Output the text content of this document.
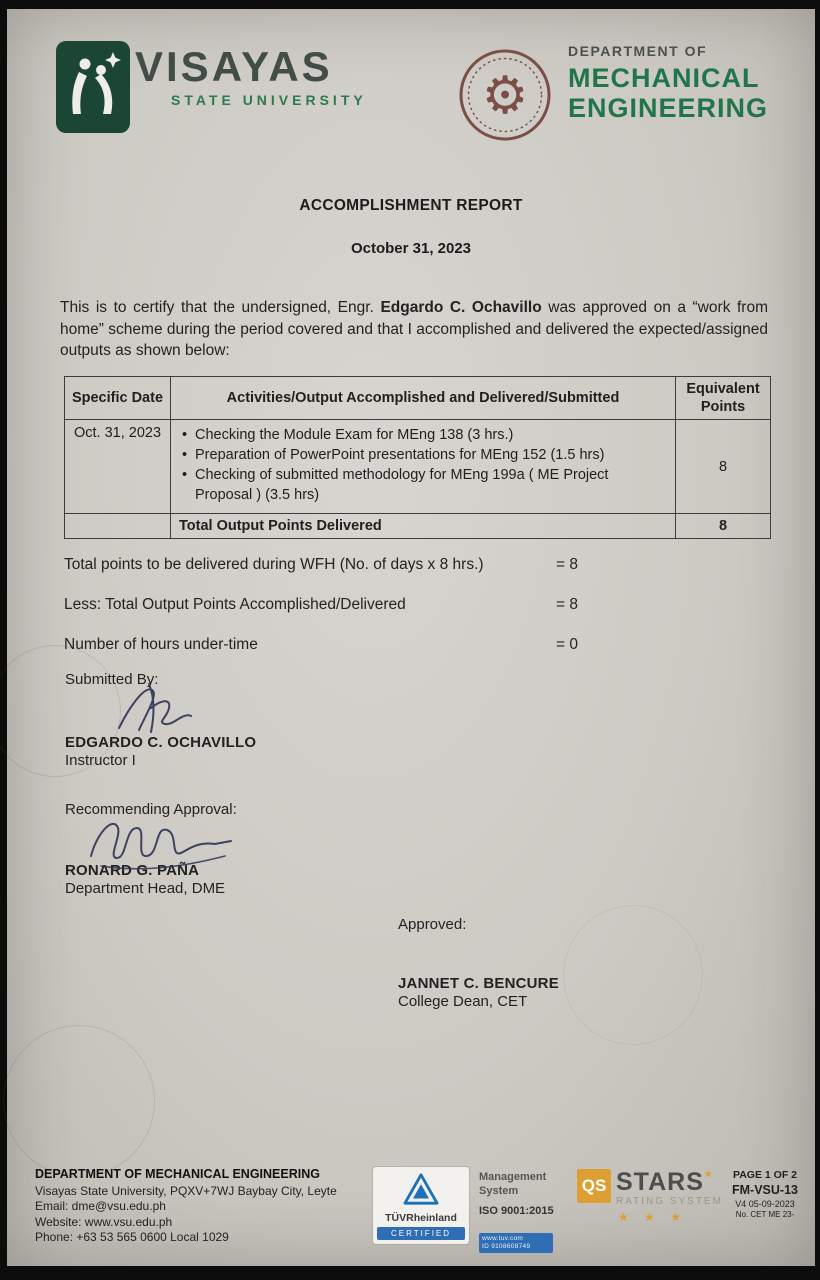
VISAYAS
STATE UNIVERSITY ⚙
DEPARTMENT OF
MECHANICAL
ENGINEERING
ACCOMPLISHMENT REPORT
October 31, 2023
This is to certify that the undersigned, Engr. Edgardo C. Ochavillo was approved on a “work from home” scheme during the period covered and that I accomplished and delivered the expected/assigned outputs as shown below:
Specific Date	Activities/Output Accomplished and Delivered/Submitted	Equivalent Points
Oct. 31, 2023	• Checking the Module Exam for MEng 138 (3 hrs.)
• Preparation of PowerPoint presentations for MEng 152 (1.5 hrs)
• Checking of submitted methodology for MEng 199a ( ME Project Proposal ) (3.5 hrs)	8
	Total Output Points Delivered	8
Total points to be delivered during WFH (No. of days x 8 hrs.)	= 8
Less: Total Output Points Accomplished/Delivered	= 8
Number of hours under-time	= 0
Submitted By:
EDGARDO C. OCHAVILLO
Instructor I
Recommending Approval:
RONARD G. PAÑA
Department Head, DME
Approved:
JANNET C. BENCURE
College Dean, CET
DEPARTMENT OF MECHANICAL ENGINEERING
Visayas State University, PQXV+7WJ Baybay City, Leyte
Email: dme@vsu.edu.ph
Website: www.vsu.edu.ph
Phone: +63 53 565 0600 Local 1029
TÜVRheinland
CERTIFIED
Management
System
ISO 9001:2015
www.tuv.com
ID 9108608749
QS STARS★
RATING SYSTEM
★ ★ ★
PAGE 1 OF 2
FM-VSU-13
V4 05-09-2023
No. CET ME 23-
